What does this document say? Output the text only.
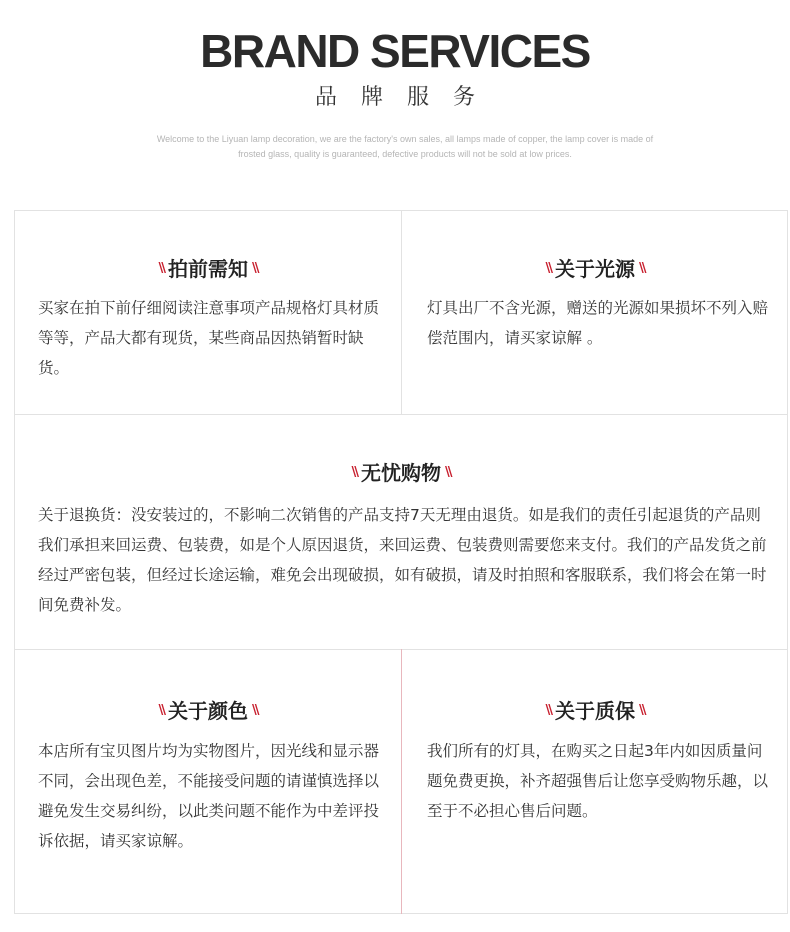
BRAND SERVICES
品牌服务
Welcome to the Liyuan lamp decoration, we are the factory's own sales, all lamps made of copper, the lamp cover is made of frosted glass, quality is guaranteed, defective products will not be sold at low prices.
\\ 拍前需知 \\
买家在拍下前仔细阅读注意事项产品规格灯具材质等等，产品大都有现货，某些商品因热销暂时缺货。
\\ 关于光源 \\
灯具出厂不含光源，赠送的光源如果损坏不列入赔偿范围内，请买家谅解 。
\\ 无忧购物 \\
关于退换货：没安装过的，不影响二次销售的产品支持7天无理由退货。如是我们的责任引起退货的产品则我们承担来回运费、包装费，如是个人原因退货，来回运费、包装费则需要您来支付。我们的产品发货之前经过严密包装，但经过长途运输，难免会出现破损，如有破损，请及时拍照和客服联系，我们将会在第一时间免费补发。
\\ 关于颜色 \\
本店所有宝贝图片均为实物图片，因光线和显示器不同，会出现色差，不能接受问题的请谨慎选择以避免发生交易纠纷，以此类问题不能作为中差评投诉依据，请买家谅解。
\\ 关于质保 \\
我们所有的灯具，在购买之日起3年内如因质量问题免费更换，补齐超强售后让您享受购物乐趣，以至于不必担心售后问题。
